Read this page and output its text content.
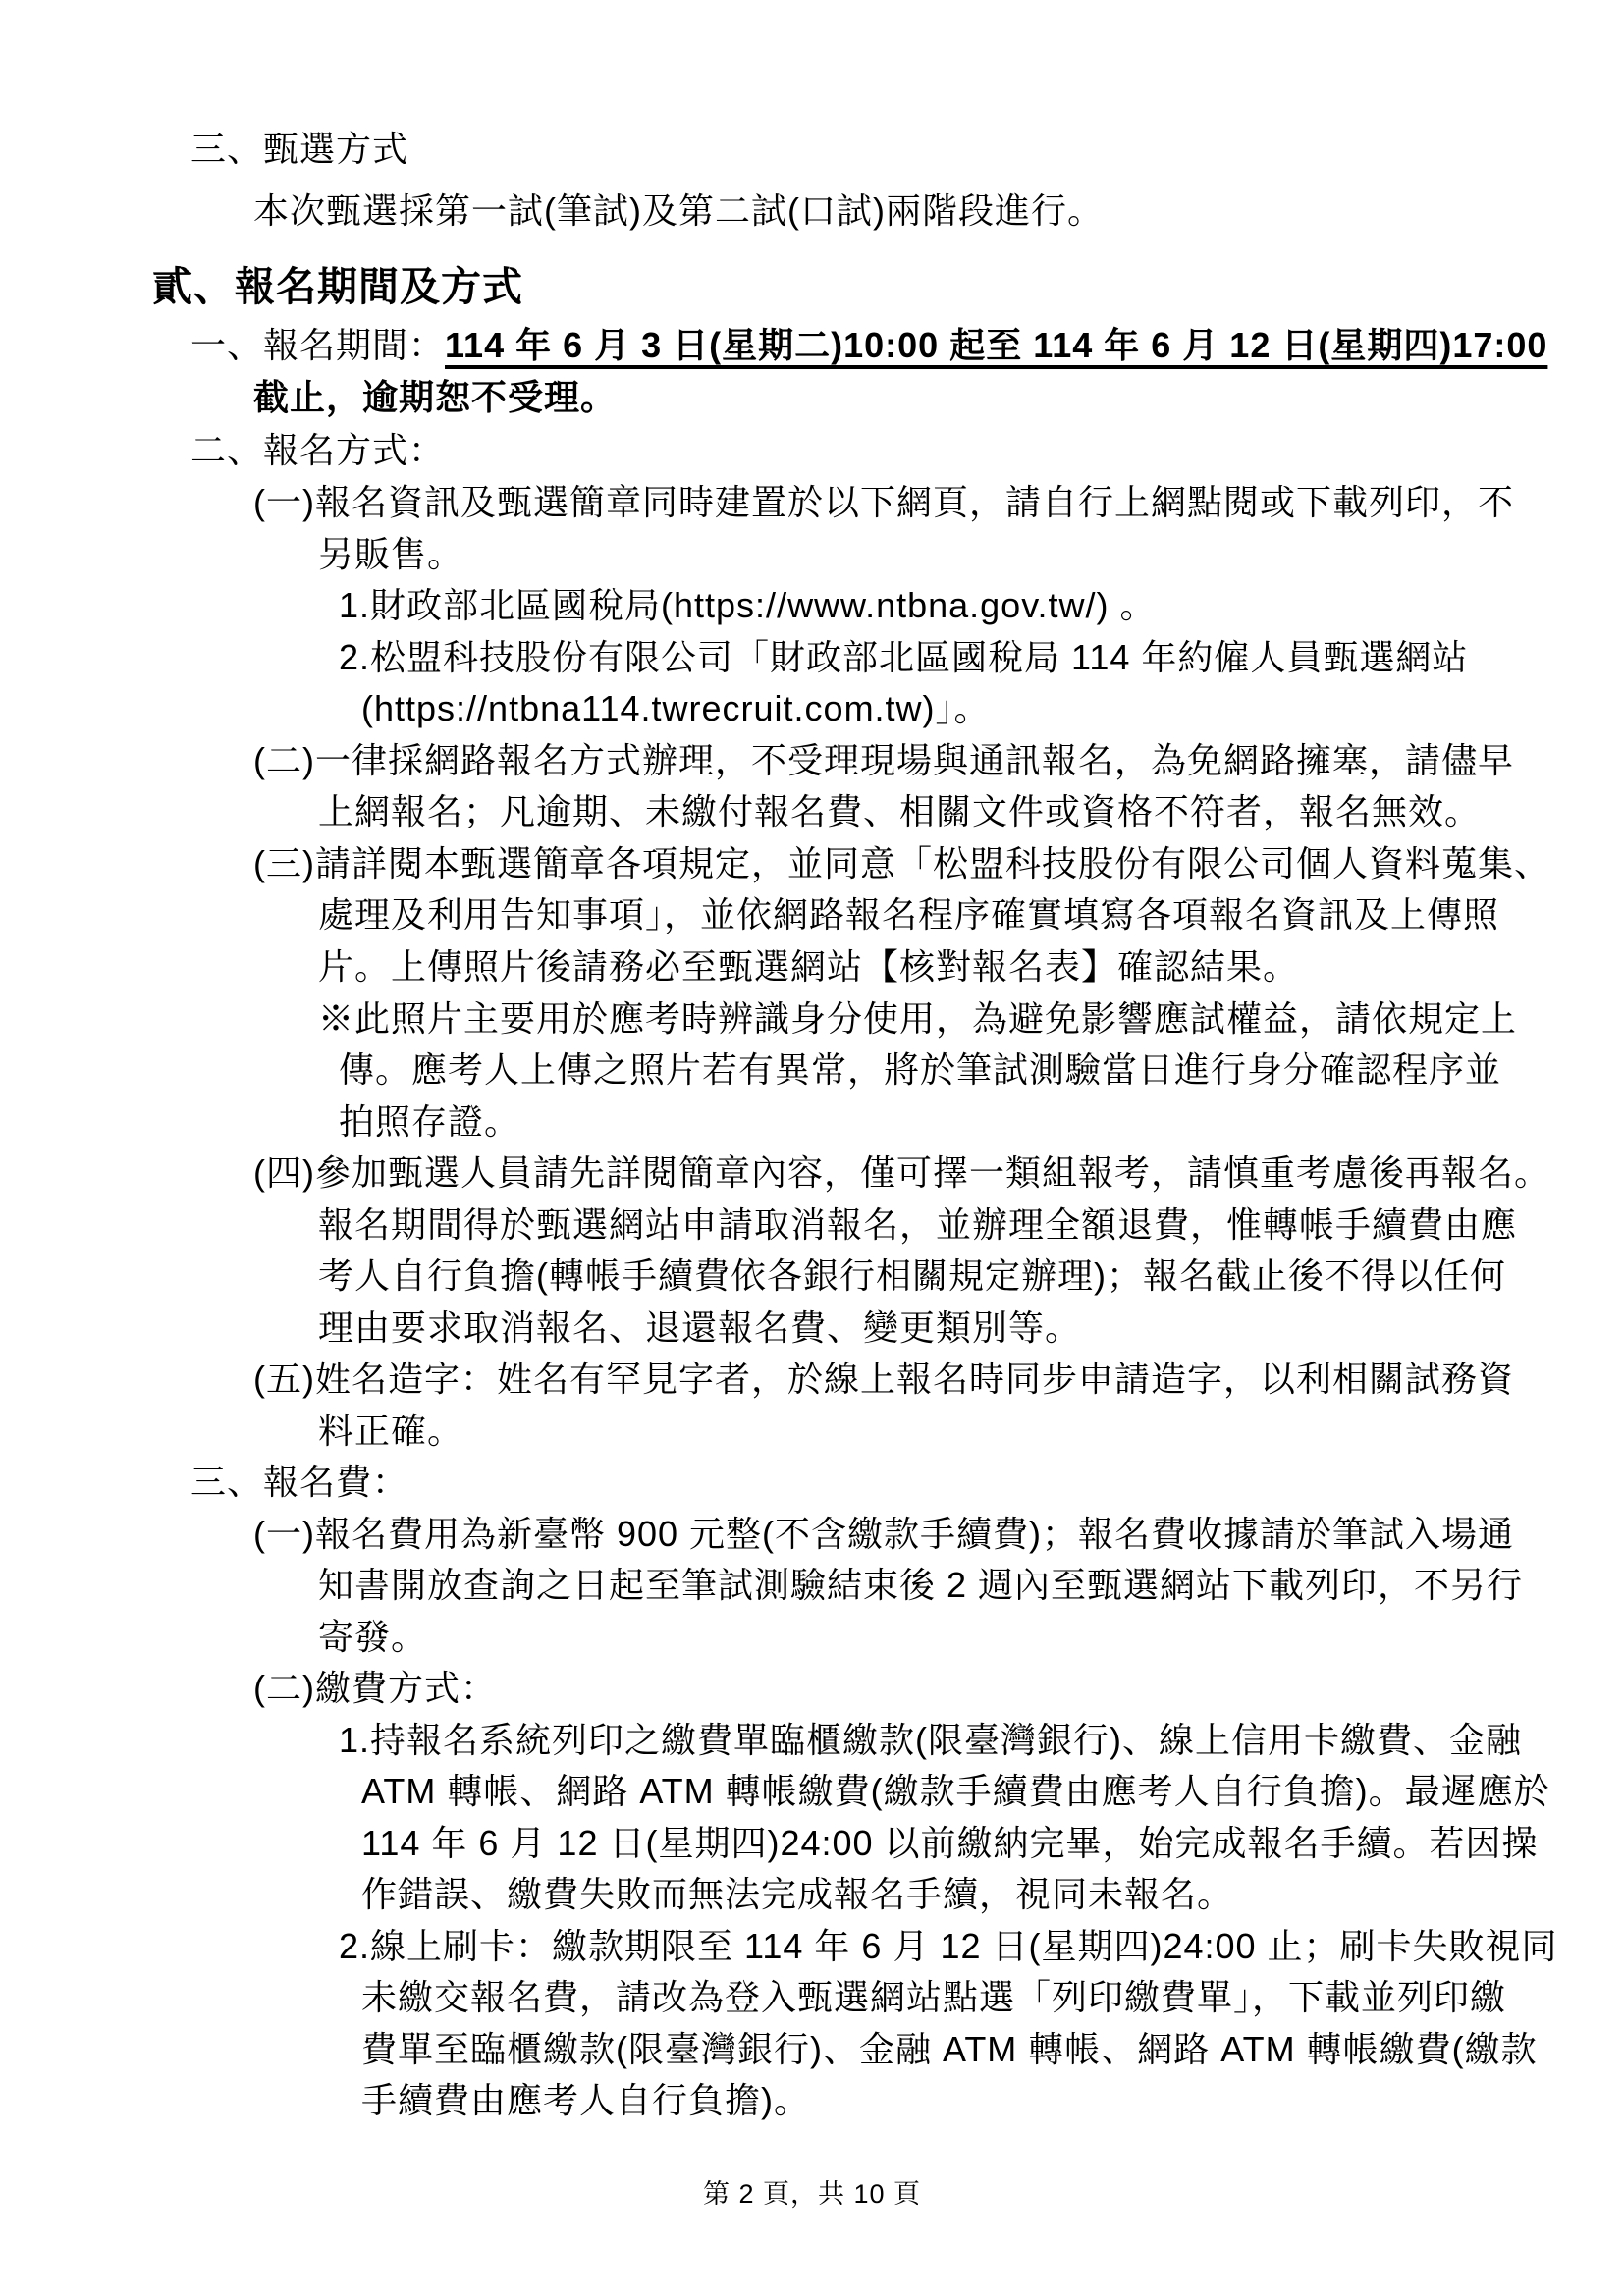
三、甄選方式
本次甄選採第一試(筆試)及第二試(口試)兩階段進行。
貳、報名期間及方式
一、報名期間：114 年 6 月 3 日(星期二)10:00 起至 114 年 6 月 12 日(星期四)17:00
截止，逾期恕不受理。
二、報名方式：
(一)報名資訊及甄選簡章同時建置於以下網頁，請自行上網點閱或下載列印，不
另販售。
1.財政部北區國稅局(https://www.ntbna.gov.tw/) 。
2.松盟科技股份有限公司「財政部北區國稅局 114 年約僱人員甄選網站
(https://ntbna114.twrecruit.com.tw)」。
(二)一律採網路報名方式辦理，不受理現場與通訊報名，為免網路擁塞，請儘早
上網報名；凡逾期、未繳付報名費、相關文件或資格不符者，報名無效。
(三)請詳閱本甄選簡章各項規定，並同意「松盟科技股份有限公司個人資料蒐集、
處理及利用告知事項」，並依網路報名程序確實填寫各項報名資訊及上傳照
片。上傳照片後請務必至甄選網站【核對報名表】確認結果。
※此照片主要用於應考時辨識身分使用，為避免影響應試權益，請依規定上
傳。應考人上傳之照片若有異常，將於筆試測驗當日進行身分確認程序並
拍照存證。
(四)參加甄選人員請先詳閱簡章內容，僅可擇一類組報考，請慎重考慮後再報名。
報名期間得於甄選網站申請取消報名，並辦理全額退費，惟轉帳手續費由應
考人自行負擔(轉帳手續費依各銀行相關規定辦理)；報名截止後不得以任何
理由要求取消報名、退還報名費、變更類別等。
(五)姓名造字：姓名有罕見字者，於線上報名時同步申請造字，以利相關試務資
料正確。
三、報名費：
(一)報名費用為新臺幣 900 元整(不含繳款手續費)；報名費收據請於筆試入場通
知書開放查詢之日起至筆試測驗結束後 2 週內至甄選網站下載列印，不另行
寄發。
(二)繳費方式：
1.持報名系統列印之繳費單臨櫃繳款(限臺灣銀行)、線上信用卡繳費、金融
ATM 轉帳、網路 ATM 轉帳繳費(繳款手續費由應考人自行負擔)。最遲應於
114 年 6 月 12 日(星期四)24:00 以前繳納完畢，始完成報名手續。若因操
作錯誤、繳費失敗而無法完成報名手續，視同未報名。
2.線上刷卡：繳款期限至 114 年 6 月 12 日(星期四)24:00 止；刷卡失敗視同
未繳交報名費，請改為登入甄選網站點選「列印繳費單」，下載並列印繳
費單至臨櫃繳款(限臺灣銀行)、金融 ATM 轉帳、網路 ATM 轉帳繳費(繳款
手續費由應考人自行負擔)。
第 2 頁，共 10 頁
